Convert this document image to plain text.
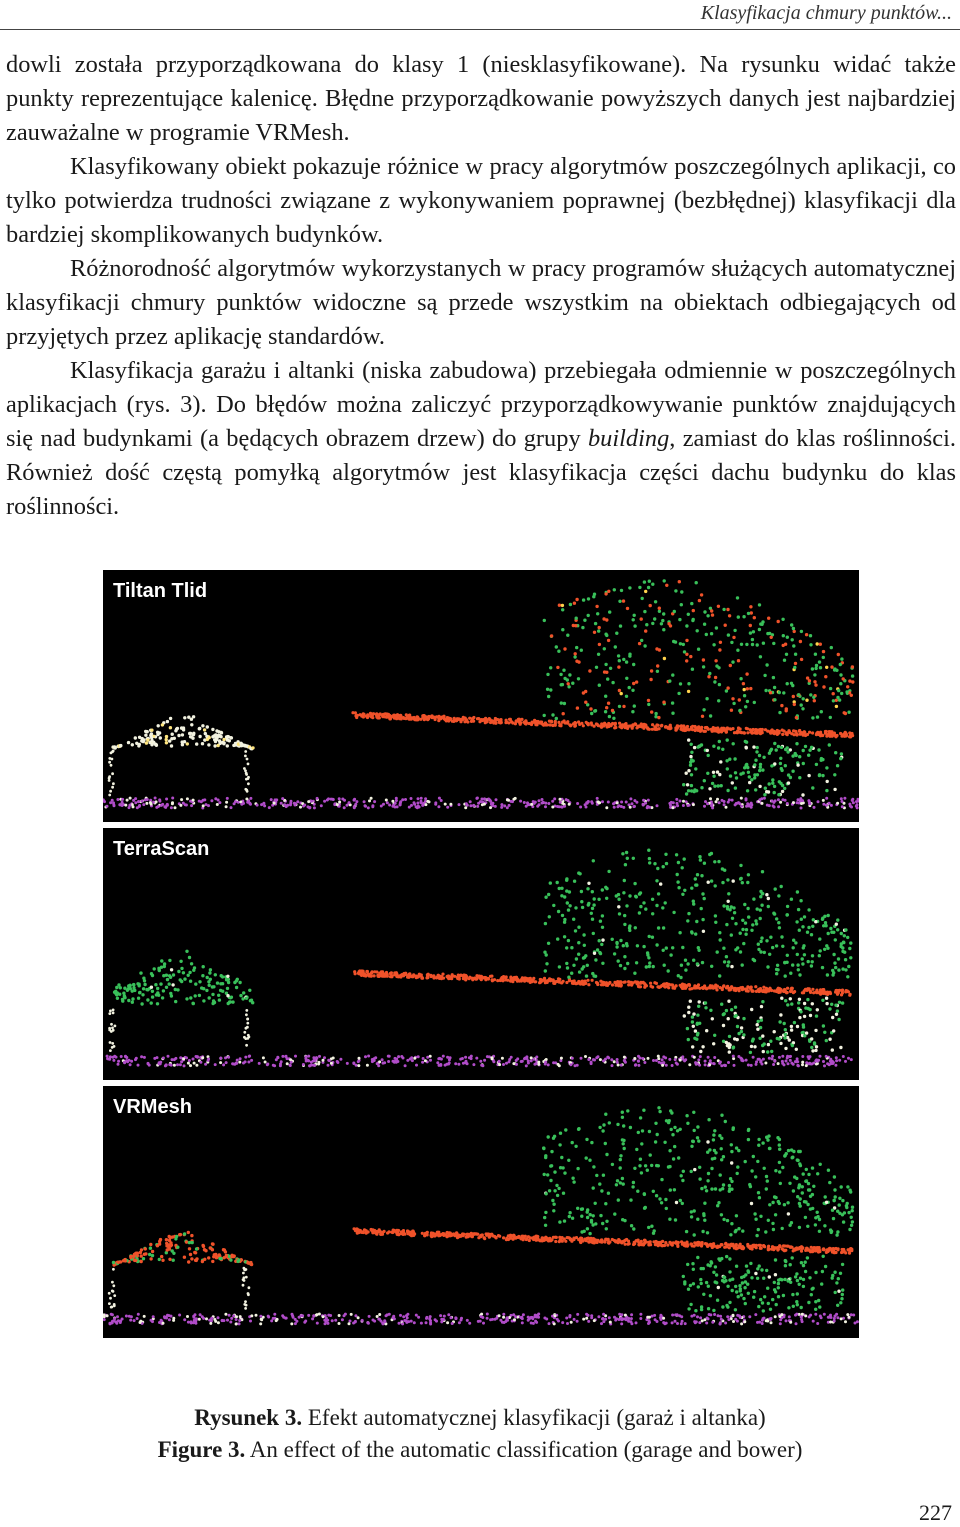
Klasyfikacja chmury punktów...

dowli została przyporządkowana do klasy 1 (niesklasyfikowane). Na rysunku widać także punkty reprezentujące kalenicę. Błędne przyporządkowanie powyższych danych jest najbardziej zauważalne w programie VRMesh.

Klasyfikowany obiekt pokazuje różnice w pracy algorytmów poszczególnych aplikacji, co tylko potwierdza trudności związane z wykonywaniem poprawnej (bezbłędnej) klasyfikacji dla bardziej skomplikowanych budynków.

Różnorodność algorytmów wykorzystanych w pracy programów służących automatycznej klasyfikacji chmury punktów widoczne są przede wszystkim na obiektach odbiegających od przyjętych przez aplikację standardów.

Klasyfikacja garażu i altanki (niska zabudowa) przebiegała odmiennie w poszczególnych aplikacjach (rys. 3). Do błędów można zaliczyć przyporządkowywanie punktów znajdujących się nad budynkami (a będących obrazem drzew) do grupy building, zamiast do klas roślinności. Również dość częstą pomyłką algorytmów jest klasyfikacja części dachu budynku do klas roślinności.

Tiltan Tlid
TerraScan
VRMesh
Rysunek 3. Efekt automatycznej klasyfikacji (garaż i altanka)
Figure 3. An effect of the automatic classification (garage and bower)
227
